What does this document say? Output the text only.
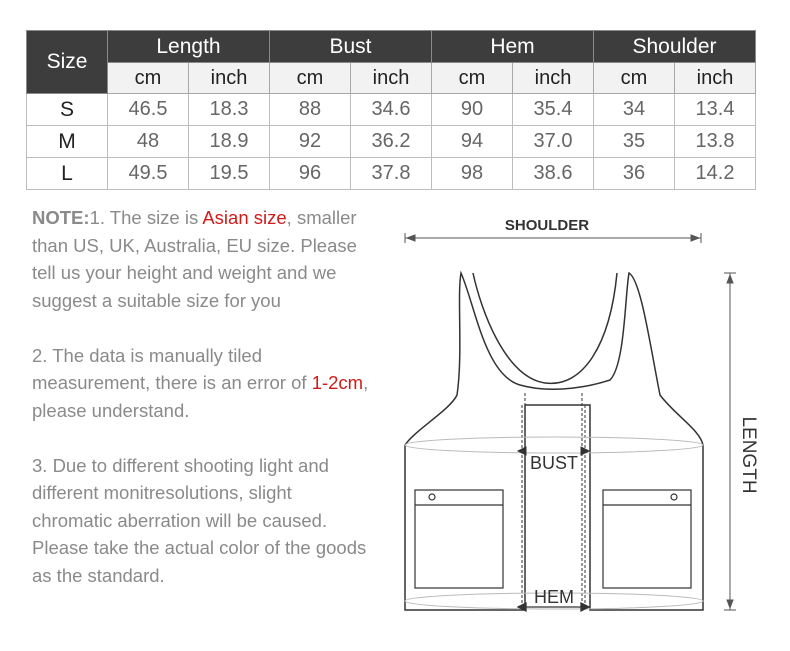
Size	Length		Bust		Hem		Shoulder	
	cm	inch	cm	inch	cm	inch	cm	inch
S	46.5	18.3	88	34.6	90	35.4	34	13.4
M	48	18.9	92	36.2	94	37.0	35	13.8
L	49.5	19.5	96	37.8	98	38.6	36	14.2

NOTE:1. The size is Asian size, smaller than US, UK, Australia, EU size. Please tell us your height and weight and we suggest a suitable size for you

2. The data is manually tiled measurement, there is an error of 1-2cm, please understand.

3. Due to different shooting light and different monitresolutions, slight chromatic aberration will be caused. Please take the actual color of the goods as the standard.

SHOULDER
BUST
HEM
LENGTH
